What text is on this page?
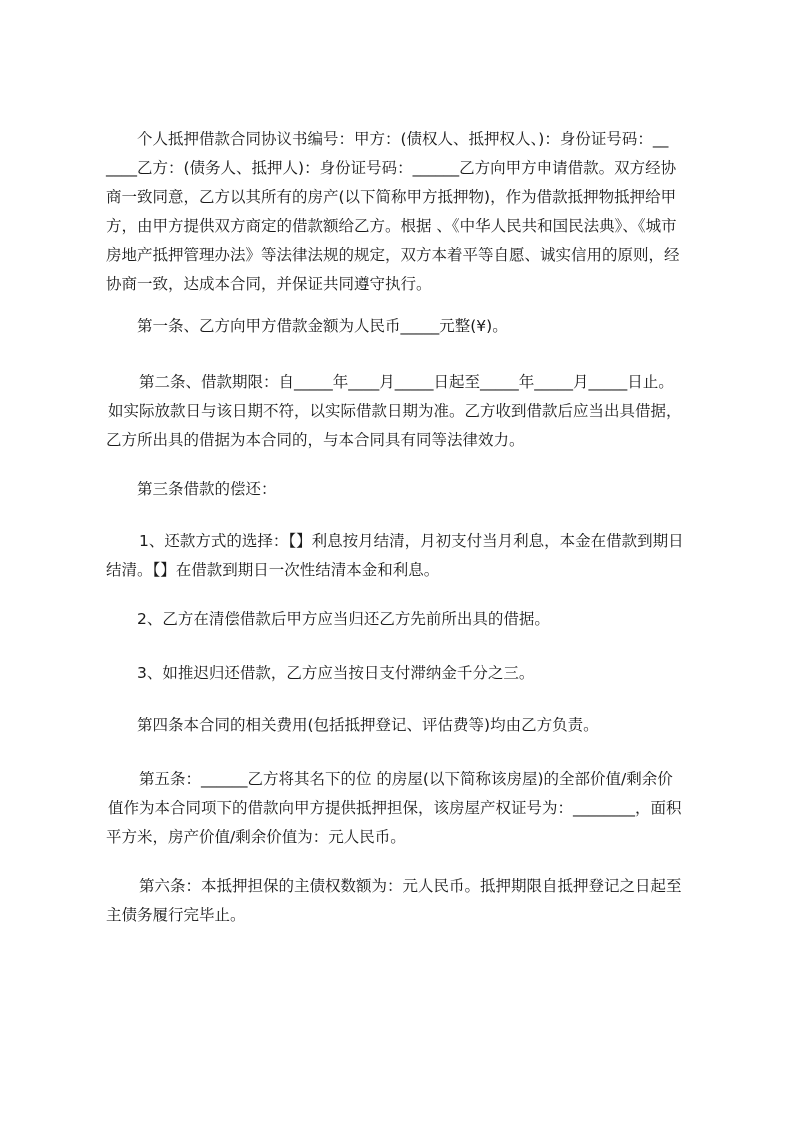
个人抵押借款合同协议书编号：甲方：(债权人、抵押权人、)：身份证号码：__
____乙方：(债务人、抵押人)：身份证号码：______乙方向甲方申请借款。双方经协
商一致同意，乙方以其所有的房产(以下简称甲方抵押物)，作为借款抵押物抵押给甲
方，由甲方提供双方商定的借款额给乙方。根据 、《中华人民共和国民法典》、《城市
房地产抵押管理办法》等法律法规的规定，双方本着平等自愿、诚实信用的原则，经
协商一致，达成本合同，并保证共同遵守执行。
第一条、乙方向甲方借款金额为人民币_____元整(¥)。
第二条、借款期限：自_____年____月_____日起至_____年_____月_____日止。
如实际放款日与该日期不符，以实际借款日期为准。乙方收到借款后应当出具借据，
乙方所出具的借据为本合同的，与本合同具有同等法律效力。
第三条借款的偿还：
1、还款方式的选择：【】利息按月结清，月初支付当月利息，本金在借款到期日
结清。【】在借款到期日一次性结清本金和利息。
2、乙方在清偿借款后甲方应当归还乙方先前所出具的借据。
3、如推迟归还借款，乙方应当按日支付滞纳金千分之三。
第四条本合同的相关费用(包括抵押登记、评估费等)均由乙方负责。
第五条：______乙方将其名下的位 的房屋(以下简称该房屋)的全部价值/剩余价
值作为本合同项下的借款向甲方提供抵押担保，该房屋产权证号为：________，面积
平方米，房产价值/剩余价值为：元人民币。
第六条：本抵押担保的主债权数额为：元人民币。抵押期限自抵押登记之日起至
主债务履行完毕止。
